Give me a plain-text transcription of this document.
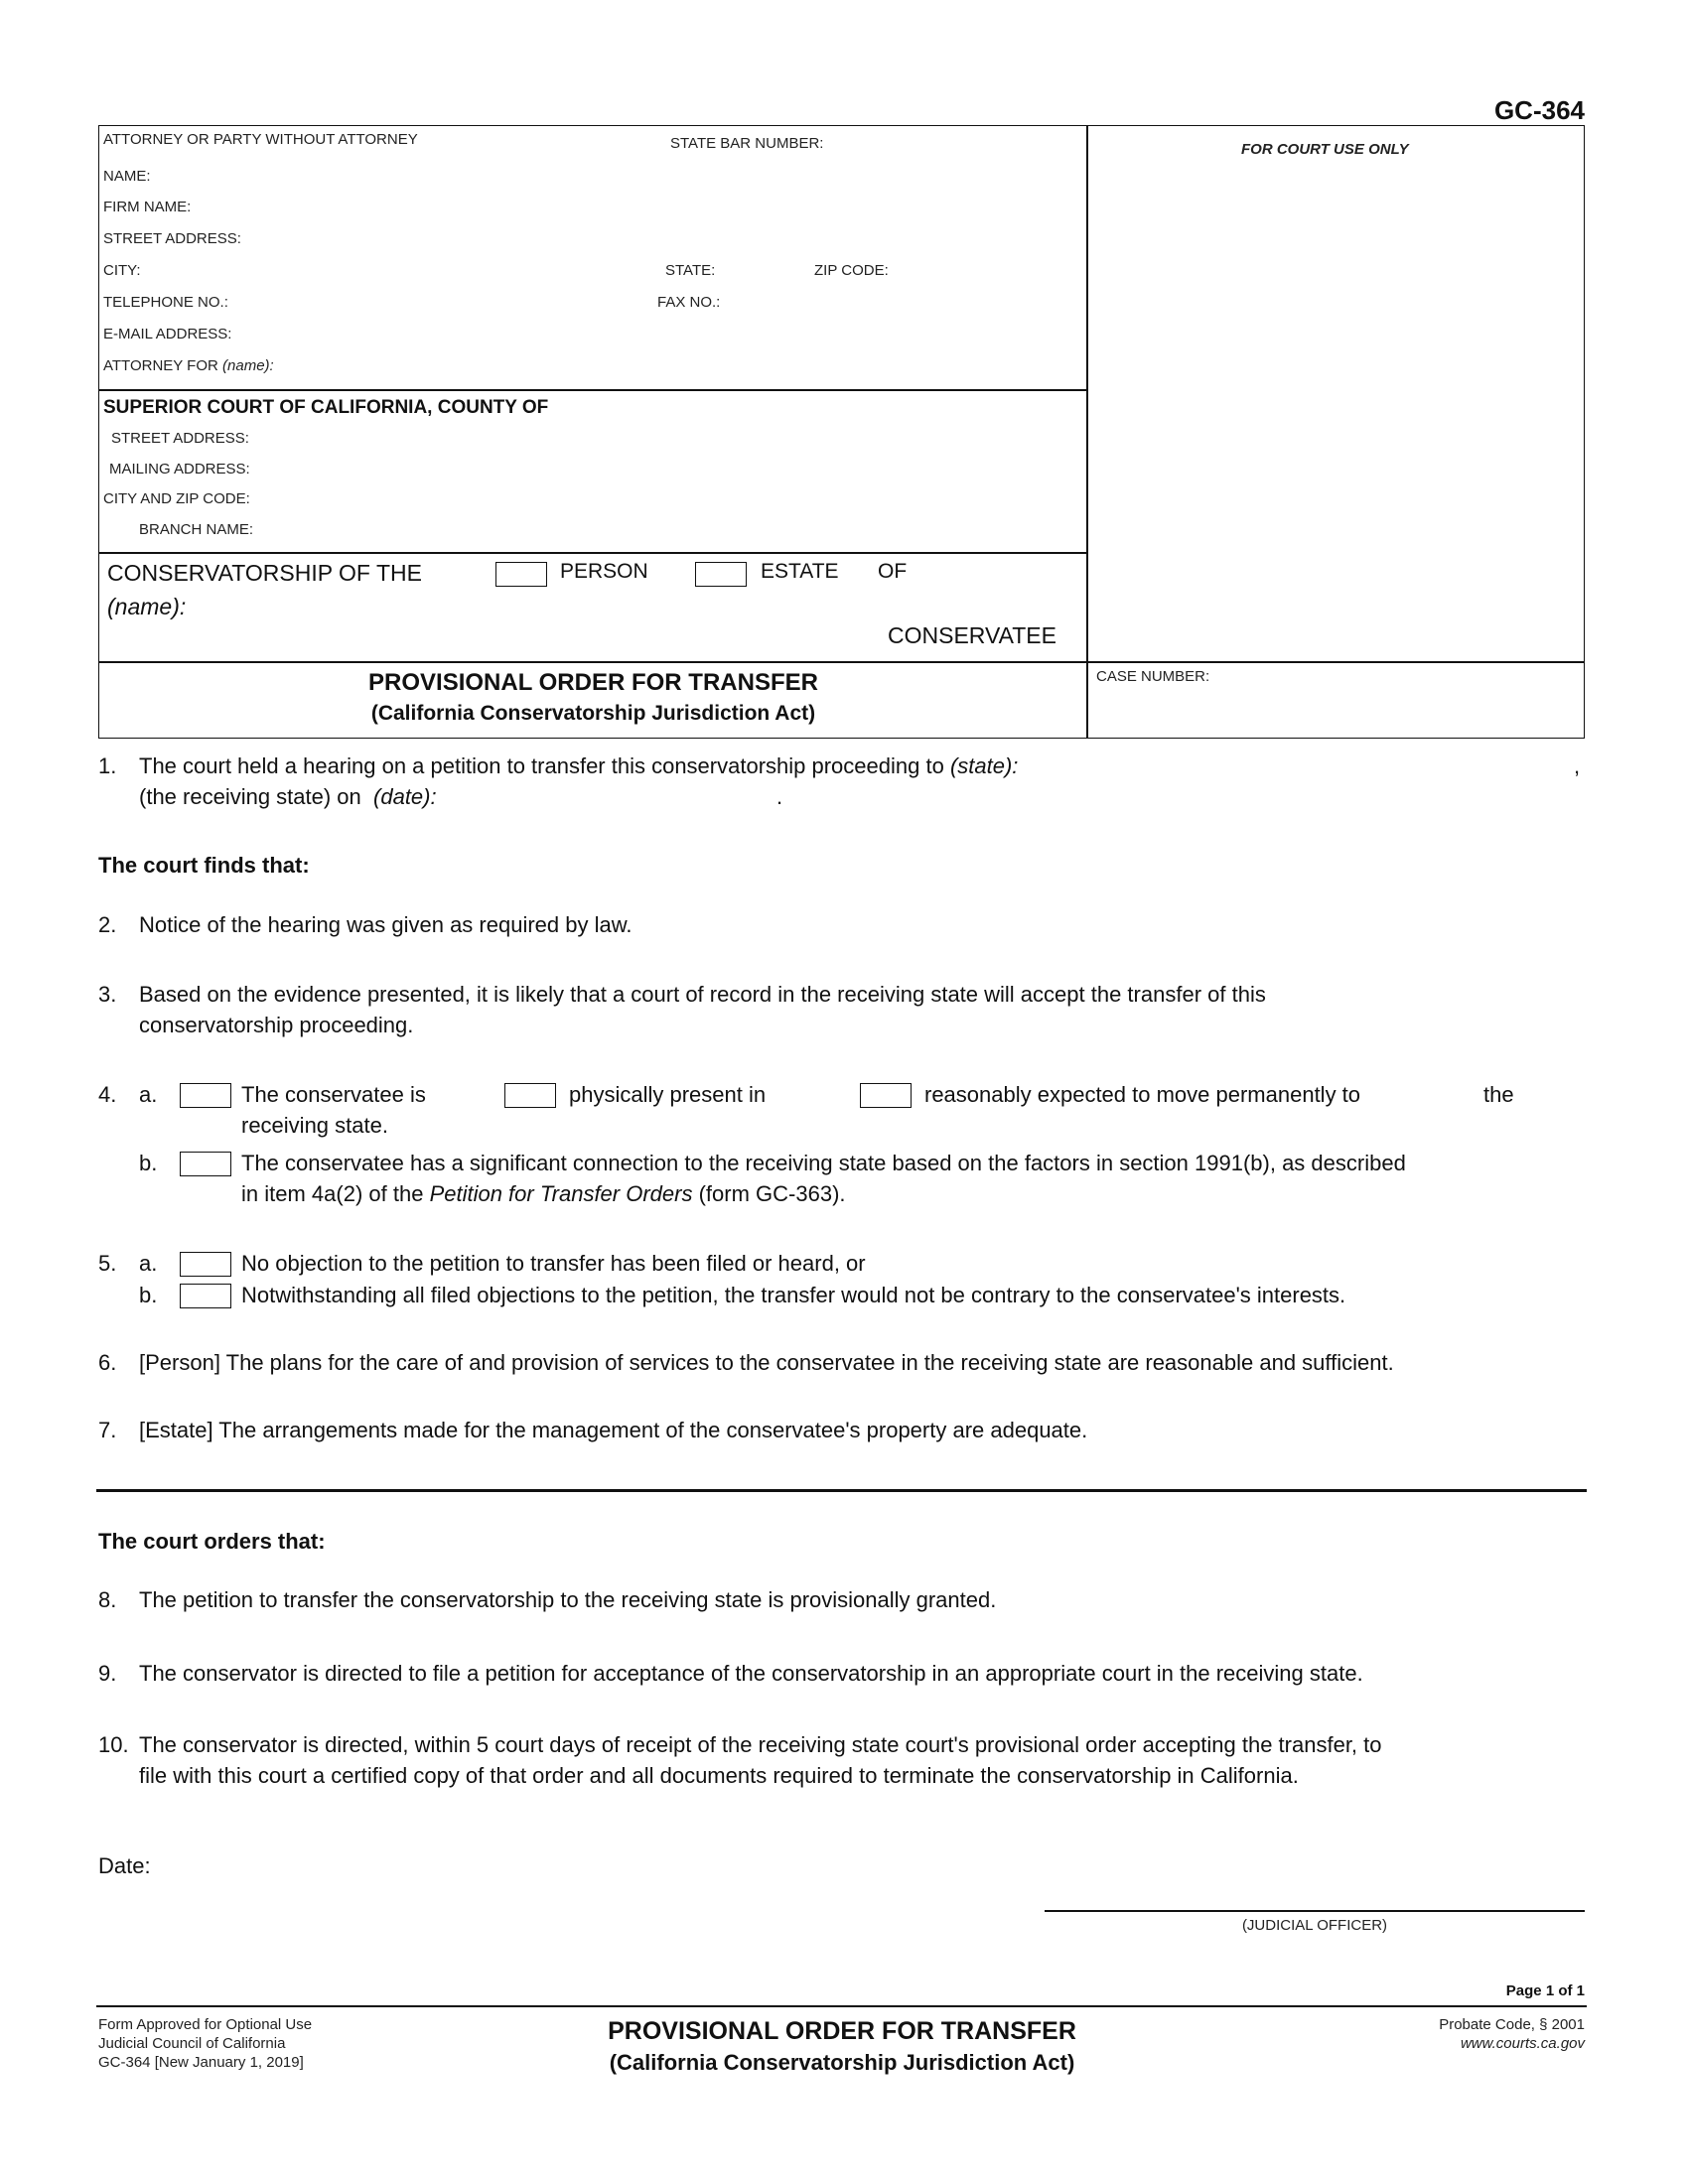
GC-364
ATTORNEY OR PARTY WITHOUT ATTORNEY	STATE BAR NUMBER:	FOR COURT USE ONLY
NAME:
FIRM NAME:
STREET ADDRESS:
CITY:	STATE:	ZIP CODE:
TELEPHONE NO.:	FAX NO.:
E-MAIL ADDRESS:
ATTORNEY FOR (name):
SUPERIOR COURT OF CALIFORNIA, COUNTY OF
STREET ADDRESS:
MAILING ADDRESS:
CITY AND ZIP CODE:
BRANCH NAME:
CONSERVATORSHIP OF THE	PERSON	ESTATE OF
(name):
CONSERVATEE
PROVISIONAL ORDER FOR TRANSFER
(California Conservatorship Jurisdiction Act)
CASE NUMBER:
1. The court held a hearing on a petition to transfer this conservatorship proceeding to (state):	,
(the receiving state) on (date):	.
The court finds that:
2. Notice of the hearing was given as required by law.
3. Based on the evidence presented, it is likely that a court of record in the receiving state will accept the transfer of this
conservatorship proceeding.
4. a.	The conservatee is	physically present in	reasonably expected to move permanently to	the
receiving state.
b.	The conservatee has a significant connection to the receiving state based on the factors in section 1991(b), as described
in item 4a(2) of the Petition for Transfer Orders (form GC-363).
5. a.	No objection to the petition to transfer has been filed or heard, or
b.	Notwithstanding all filed objections to the petition, the transfer would not be contrary to the conservatee's interests.
6. [Person] The plans for the care of and provision of services to the conservatee in the receiving state are reasonable and sufficient.
7. [Estate] The arrangements made for the management of the conservatee's property are adequate.
The court orders that:
8. The petition to transfer the conservatorship to the receiving state is provisionally granted.
9. The conservator is directed to file a petition for acceptance of the conservatorship in an appropriate court in the receiving state.
10. The conservator is directed, within 5 court days of receipt of the receiving state court's provisional order accepting the transfer, to
file with this court a certified copy of that order and all documents required to terminate the conservatorship in California.
Date:
(JUDICIAL OFFICER)
Page 1 of 1
Form Approved for Optional Use
Judicial Council of California
GC-364 [New January 1, 2019]
PROVISIONAL ORDER FOR TRANSFER
(California Conservatorship Jurisdiction Act)
Probate Code, § 2001
www.courts.ca.gov
